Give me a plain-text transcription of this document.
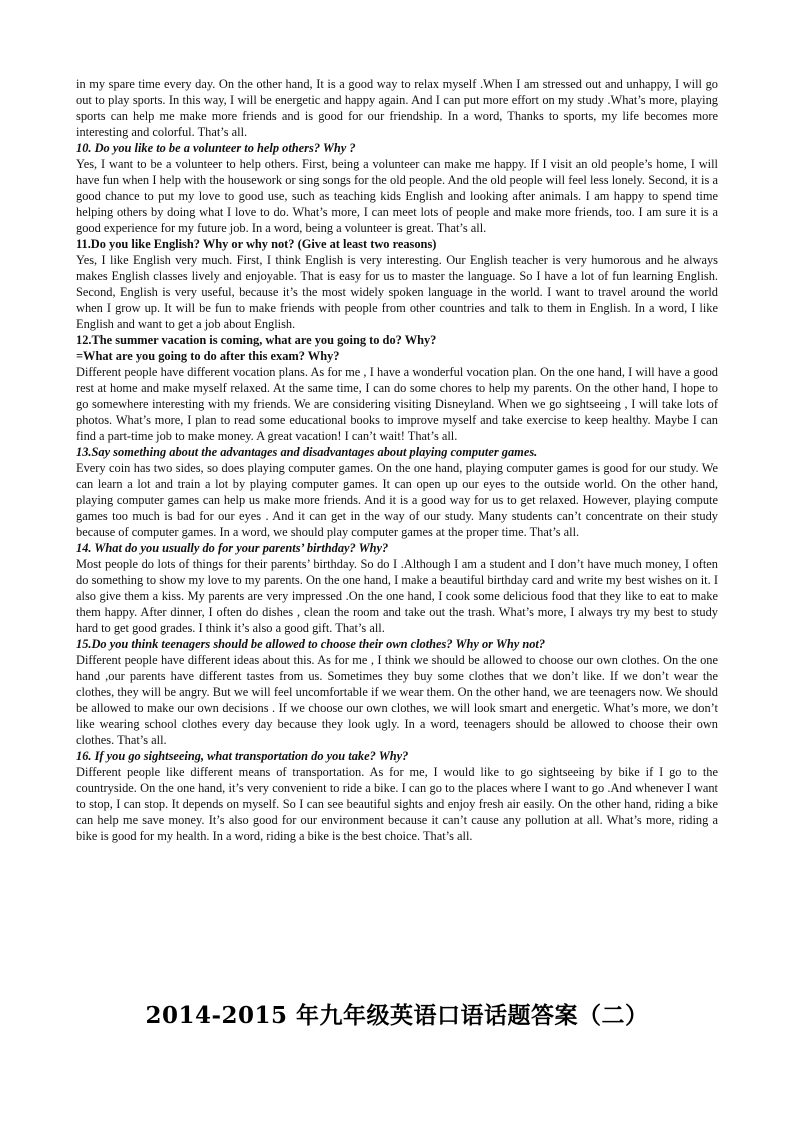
in my spare time every day. On the other hand, It is a good way to relax myself .When I am stressed out and unhappy, I will go out to play sports. In this way, I will be energetic and happy again. And I can put more effort on my study .What’s more, playing sports can help me make more friends and is good for our friendship. In a word, Thanks to sports, my life becomes more interesting and colorful. That’s all.

10. Do you like to be a volunteer to help others? Why ?

Yes, I want to be a volunteer to help others. First, being a volunteer can make me happy. If I visit an old people’s home, I will have fun when I help with the housework or sing songs for the old people. And the old people will feel less lonely. Second, it is a good chance to put my love to good use, such as teaching kids English and looking after animals. I am happy to spend time helping others by doing what I love to do. What’s more, I can meet lots of people and make more friends, too. I am sure it is a good experience for my future job. In a word, being a volunteer is great. That’s all.

11.Do you like English? Why or why not? (Give at least two reasons)

Yes, I like English very much. First, I think English is very interesting. Our English teacher is very humorous and he always makes English classes lively and enjoyable. That is easy for us to master the language. So I have a lot of fun learning English. Second, English is very useful, because it’s the most widely spoken language in the world. I want to travel around the world when I grow up. It will be fun to make friends with people from other countries and talk to them in English. In a word, I like English and want to get a job about English.

12.The summer vacation is coming, what are you going to do? Why?

=What are you going to do after this exam? Why?

Different people have different vocation plans. As for me , I have a wonderful vocation plan. On the one hand, I will have a good rest at home and make myself relaxed. At the same time, I can do some chores to help my parents. On the other hand, I hope to go somewhere interesting with my friends. We are considering visiting Disneyland. When we go sightseeing , I will take lots of photos. What’s more, I plan to read some educational books to improve myself and take exercise to keep healthy. Maybe I can find a part-time job to make money. A great vacation! I can’t wait! That’s all.

13.Say something about the advantages and disadvantages about playing computer games.

Every coin has two sides, so does playing computer games. On the one hand, playing computer games is good for our study. We can learn a lot and train a lot by playing computer games. It can open up our eyes to the outside world. On the other hand, playing computer games can help us make more friends. And it is a good way for us to get relaxed. However, playing compute games too much is bad for our eyes . And it can get in the way of our study. Many students can’t concentrate on their study because of computer games. In a word, we should play computer games at the proper time. That’s all.

14. What do you usually do for your parents’ birthday? Why?

Most people do lots of things for their parents’ birthday. So do I .Although I am a student and I don’t have much money, I often do something to show my love to my parents. On the one hand, I make a beautiful birthday card and write my best wishes on it. I also give them a kiss. My parents are very impressed .On the one hand, I cook some delicious food that they like to eat to make them happy. After dinner, I often do dishes , clean the room and take out the trash. What’s more, I always try my best to study hard to get good grades. I think it’s also a good gift. That’s all.

15.Do you think teenagers should be allowed to choose their own clothes? Why or Why not?

Different people have different ideas about this. As for me , I think we should be allowed to choose our own clothes. On the one hand ,our parents have different tastes from us. Sometimes they buy some clothes that we don’t like. If we don’t wear the clothes, they will be angry. But we will feel uncomfortable if we wear them. On the other hand, we are teenagers now. We should be allowed to make our own decisions . If we choose our own clothes, we will look smart and energetic. What’s more, we don’t like wearing school clothes every day because they look ugly. In a word, teenagers should be allowed to choose their own clothes. That’s all.

16. If you go sightseeing, what transportation do you take? Why?

Different people like different means of transportation. As for me, I would like to go sightseeing by bike if I go to the countryside. On the one hand, it’s very convenient to ride a bike. I can go to the places where I want to go .And whenever I want to stop, I can stop. It depends on myself. So I can see beautiful sights and enjoy fresh air easily. On the other hand, riding a bike can help me save money. It’s also good for our environment because it can’t cause any pollution at all. What’s more, riding a bike is good for my health. In a word, riding a bike is the best choice. That’s all.

2014-2015 年九年级英语口语话题答案（二）
